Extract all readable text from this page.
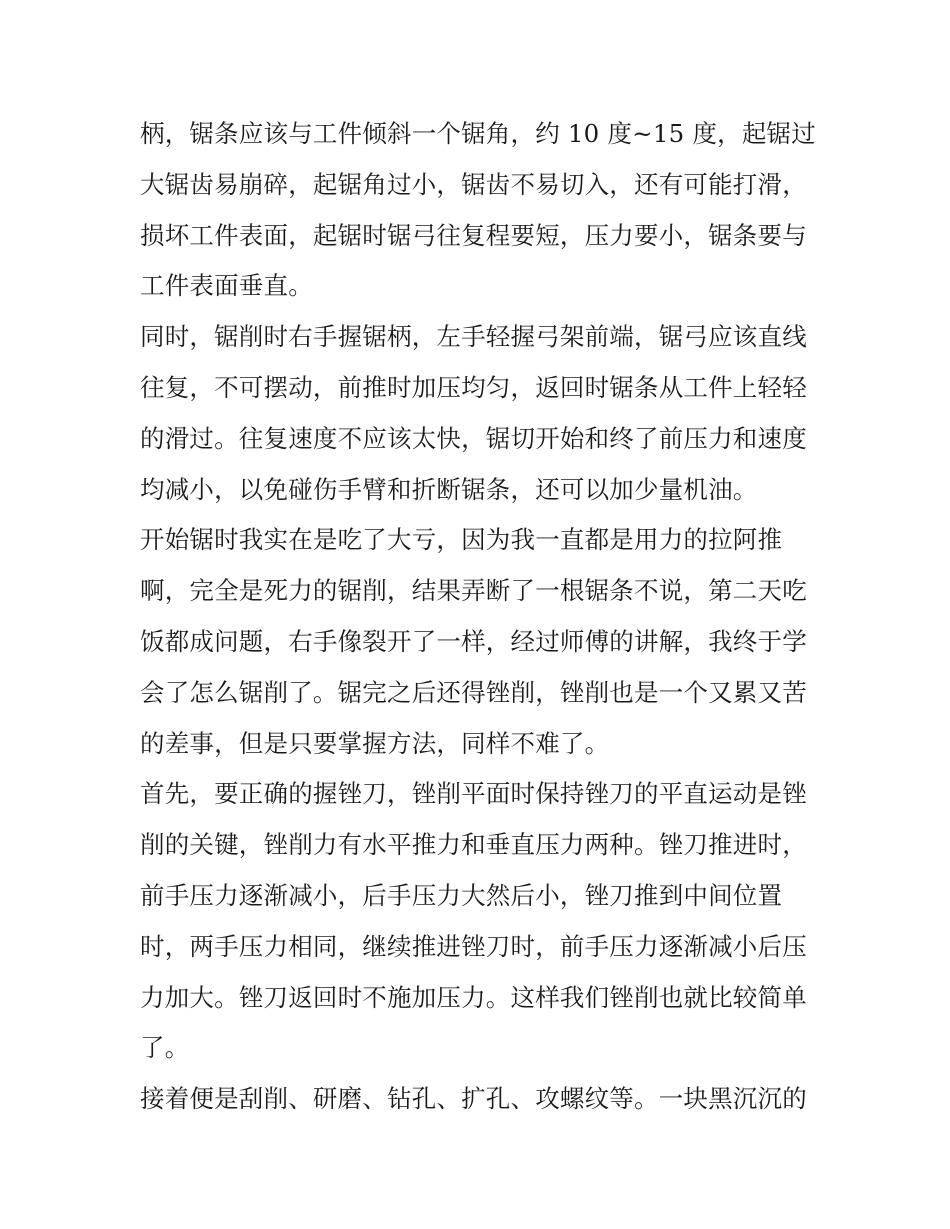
柄，锯条应该与工件倾斜一个锯角，约 10 度~15 度，起锯过
大锯齿易崩碎，起锯角过小，锯齿不易切入，还有可能打滑，
损坏工件表面，起锯时锯弓往复程要短，压力要小，锯条要与
工件表面垂直。

同时，锯削时右手握锯柄，左手轻握弓架前端，锯弓应该直线
往复，不可摆动，前推时加压均匀，返回时锯条从工件上轻轻
的滑过。往复速度不应该太快，锯切开始和终了前压力和速度
均减小，以免碰伤手臂和折断锯条，还可以加少量机油。

开始锯时我实在是吃了大亏，因为我一直都是用力的拉阿推
啊，完全是死力的锯削，结果弄断了一根锯条不说，第二天吃
饭都成问题，右手像裂开了一样，经过师傅的讲解，我终于学
会了怎么锯削了。锯完之后还得锉削，锉削也是一个又累又苦
的差事，但是只要掌握方法，同样不难了。

首先，要正确的握锉刀，锉削平面时保持锉刀的平直运动是锉
削的关键，锉削力有水平推力和垂直压力两种。锉刀推进时，
前手压力逐渐减小，后手压力大然后小，锉刀推到中间位置
时，两手压力相同，继续推进锉刀时，前手压力逐渐减小后压
力加大。锉刀返回时不施加压力。这样我们锉削也就比较简单
了。

接着便是刮削、研磨、钻孔、扩孔、攻螺纹等。一块黑沉沉的
